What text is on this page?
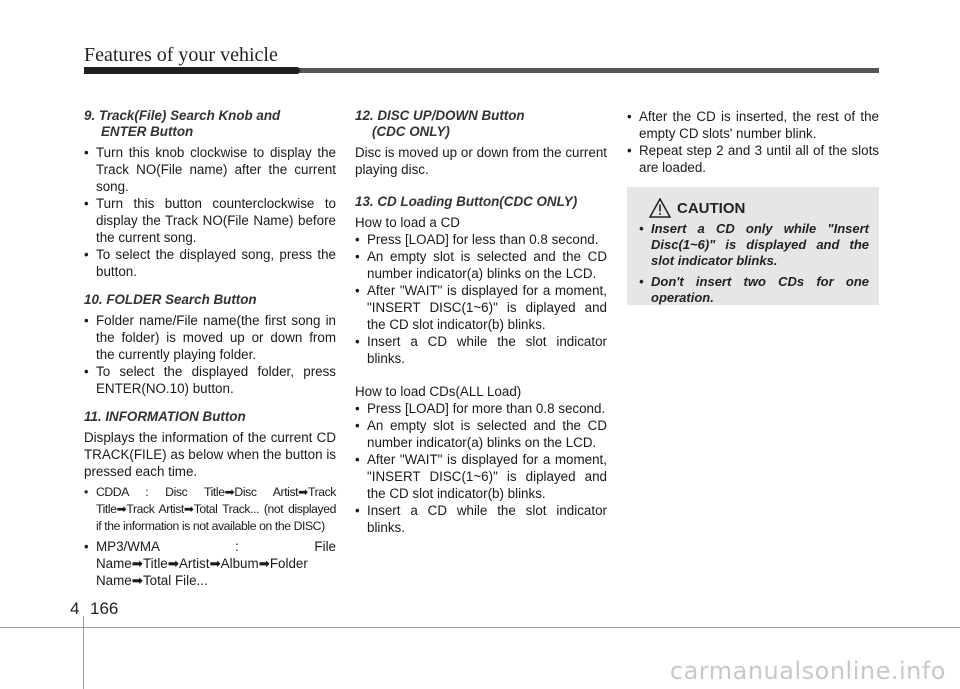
Features of your vehicle
9. Track(File) Search Knob and
ENTER Button
• Turn this knob clockwise to display the Track NO(File name) after the current song.
• Turn this button counterclockwise to display the Track NO(File Name) before the current song.
• To select the displayed song, press the button.
10. FOLDER Search Button
• Folder name/File name(the first song in the folder) is moved up or down from the currently playing folder.
• To select the displayed folder, press ENTER(NO.10) button.
11. INFORMATION Button

Displays the information of the current CD TRACK(FILE) as below when the button is pressed each time.

• CDDA : Disc Title➡Disc Artist➡Track Title➡Track Artist➡Total Track... (not displayed if the information is not available on the DISC)
• MP3/WMA : File Name➡Title➡Artist➡Album➡Folder Name➡Total File...
12. DISC UP/DOWN Button
(CDC ONLY)

Disc is moved up or down from the current playing disc.

13. CD Loading Button(CDC ONLY)

How to load a CD

• Press [LOAD] for less than 0.8 second.
• An empty slot is selected and the CD number indicator(a) blinks on the LCD.
• After "WAIT" is displayed for a moment, "INSERT DISC(1~6)" is diplayed and the CD slot indicator(b) blinks.
• Insert a CD while the slot indicator blinks.

How to load CDs(ALL Load)

• Press [LOAD] for more than 0.8 second.
• An empty slot is selected and the CD number indicator(a) blinks on the LCD.
• After "WAIT" is displayed for a moment, "INSERT DISC(1~6)" is diplayed and the CD slot indicator(b) blinks.
• Insert a CD while the slot indicator blinks.
• After the CD is inserted, the rest of the empty CD slots' number blink.
• Repeat step 2 and 3 until all of the slots are loaded.
CAUTION
• Insert a CD only while "Insert Disc(1~6)" is displayed and the slot indicator blinks.
• Don't insert two CDs for one operation.
4 166
carmanualsonline.info
